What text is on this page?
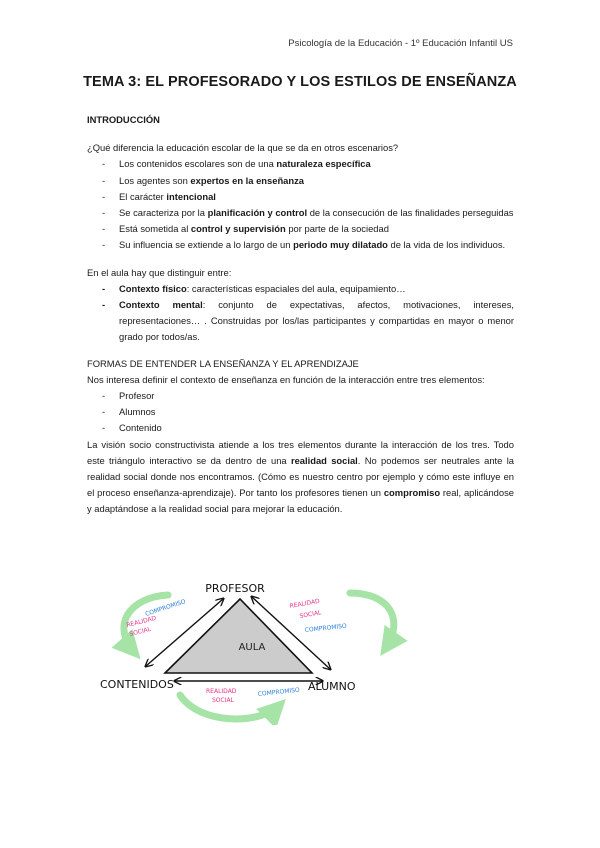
Psicología de la Educación - 1º Educación Infantil US
TEMA 3: EL PROFESORADO Y LOS ESTILOS DE ENSEÑANZA

INTRODUCCIÓN

¿Qué diferencia la educación escolar de la que se da en otros escenarios?

- Los contenidos escolares son de una naturaleza específica
- Los agentes son expertos en la enseñanza
- El carácter intencional
- Se caracteriza por la planificación y control de la consecución de las finalidades perseguidas
- Está sometida al control y supervisión por parte de la sociedad
- Su influencia se extiende a lo largo de un periodo muy dilatado de la vida de los individuos.

En el aula hay que distinguir entre:

- Contexto físico: características espaciales del aula, equipamiento…
- Contexto mental: conjunto de expectativas, afectos, motivaciones, intereses, representaciones… . Construidas por los/las participantes y compartidas en mayor o menor grado por todos/as.

FORMAS DE ENTENDER LA ENSEÑANZA Y EL APRENDIZAJE

Nos interesa definir el contexto de enseñanza en función de la interacción entre tres elementos:

- Profesor
- Alumnos
- Contenido

La visión socio constructivista atiende a los tres elementos durante la interacción de los tres. Todo este triángulo interactivo se da dentro de una realidad social. No podemos ser neutrales ante la realidad social donde nos encontramos. (Cómo es nuestro centro por ejemplo y cómo este influye en el proceso enseñanza-aprendizaje). Por tanto los profesores tienen un compromiso real, aplicándose y adaptándose a la realidad social para mejorar la educación.

AULA
PROFESOR
CONTENIDOS	ALUMNO
COMPROMISO
REALIDAD
SOCIAL
REALIDAD
SOCIAL
COMPROMISO
REALIDAD
SOCIAL
COMPROMISO
